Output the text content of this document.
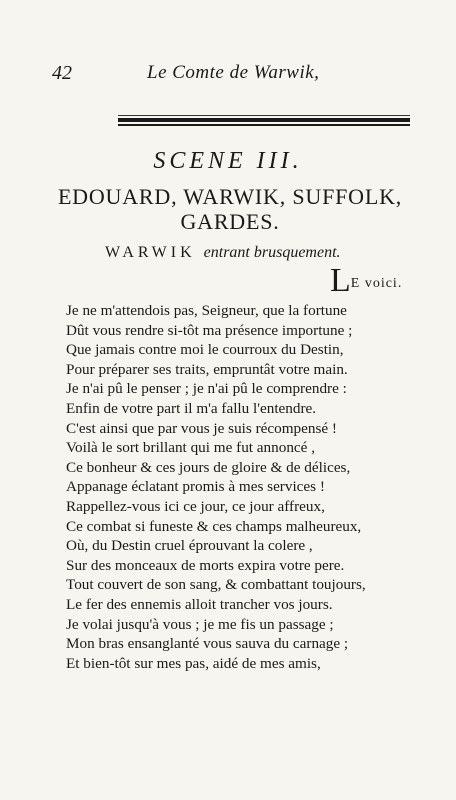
42	Le Comte de Warwik,
SCENE III.
EDOUARD, WARWIK, SUFFOLK,
GARDES.
WARWIK entrant brusquement.
LE voici.
Je ne m'attendois pas, Seigneur, que la fortune
Dût vous rendre si-tôt ma présence importune ;
Que jamais contre moi le courroux du Destin,
Pour préparer ses traits, empruntât votre main.
Je n'ai pû le penser ; je n'ai pû le comprendre :
Enfin de votre part il m'a fallu l'entendre.
C'est ainsi que par vous je suis récompensé !
Voilà le sort brillant qui me fut annoncé ,
Ce bonheur & ces jours de gloire & de délices,
Appanage éclatant promis à mes services !
Rappellez-vous ici ce jour, ce jour affreux,
Ce combat si funeste & ces champs malheureux,
Où, du Destin cruel éprouvant la colere ,
Sur des monceaux de morts expira votre pere.
Tout couvert de son sang, & combattant toujours,
Le fer des ennemis alloit trancher vos jours.
Je volai jusqu'à vous ; je me fis un passage ;
Mon bras ensanglanté vous sauva du carnage ;
Et bien-tôt sur mes pas, aidé de mes amis,
